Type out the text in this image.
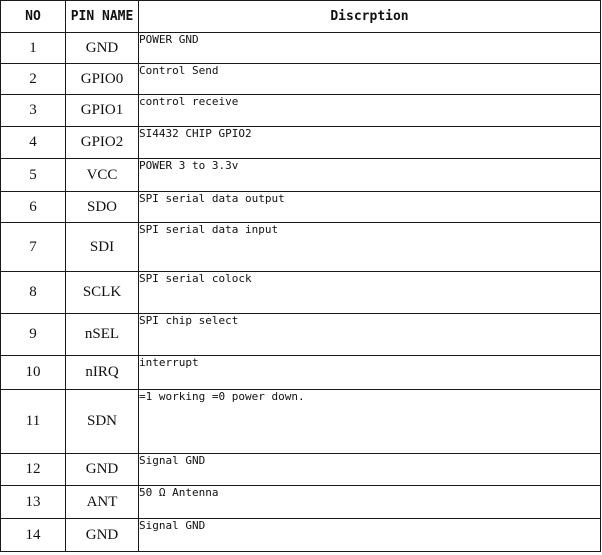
NO	PIN NAME	Discrption
1	GND	POWER GND
2	GPIO0	Control Send
3	GPIO1	control receive
4	GPIO2	SI4432 CHIP GPIO2
5	VCC	POWER 3 to 3.3v
6	SDO	SPI serial data output
7	SDI	SPI serial data input
8	SCLK	SPI serial colock
9	nSEL	SPI chip select
10	nIRQ	interrupt
11	SDN	=1 working =0 power down.
12	GND	Signal GND
13	ANT	50 Ω Antenna
14	GND	Signal GND
